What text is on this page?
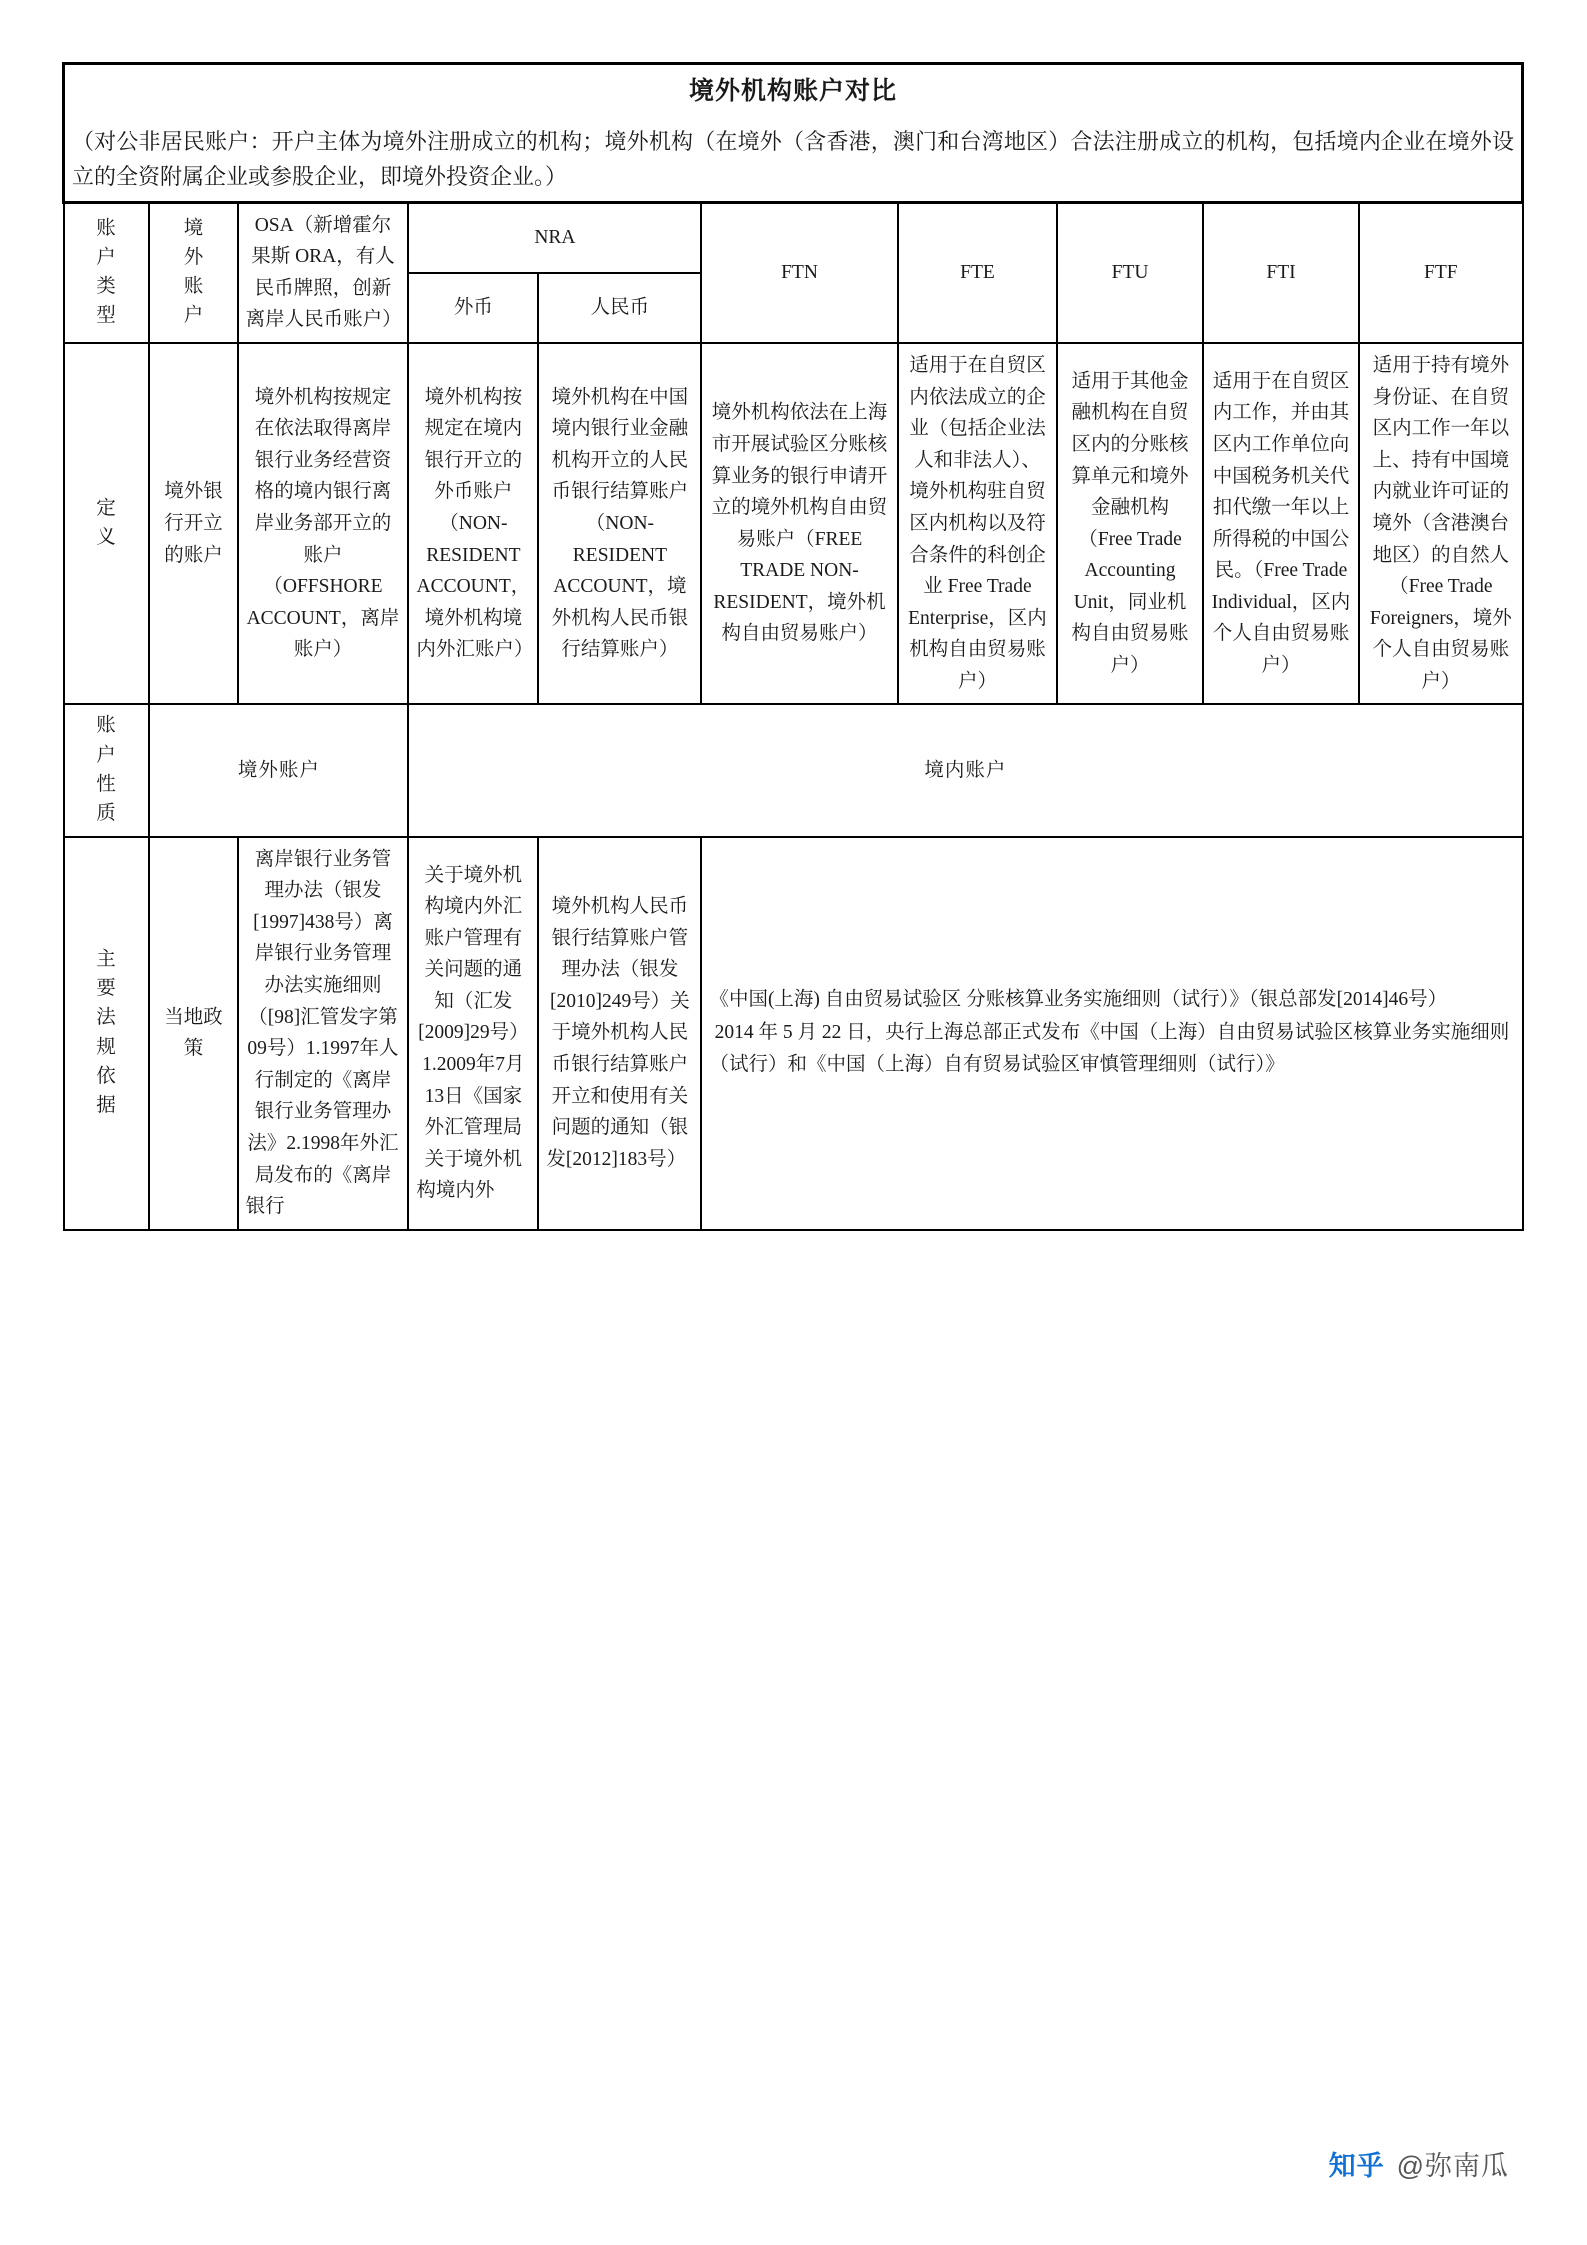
境外机构账户对比
（对公非居民账户：开户主体为境外注册成立的机构；境外机构（在境外（含香港，澳门和台湾地区）合法注册成立的机构，包括境内企业在境外设立的全资附属企业或参股企业，即境外投资企业。）									

账户类型	境外账户	OSA（新增霍尔果斯 ORA，有人民币牌照，创新离岸人民币账户）	NRA		FTN	FTE	FTU	FTI	FTF
			外币	人民币					
定义	境外银行开立的账户	境外机构按规定在依法取得离岸银行业务经营资格的境内银行离岸业务部开立的账户（OFFSHORE ACCOUNT，离岸账户）	境外机构按规定在境内银行开立的外币账户（NON-RESIDENT ACCOUNT，境外机构境内外汇账户）	境外机构在中国境内银行业金融机构开立的人民币银行结算账户（NON-RESIDENT ACCOUNT，境外机构人民币银行结算账户）	境外机构依法在上海市开展试验区分账核算业务的银行申请开立的境外机构自由贸易账户（FREE TRADE NON-RESIDENT，境外机构自由贸易账户）	适用于在自贸区内依法成立的企业（包括企业法人和非法人）、境外机构驻自贸区内机构以及符合条件的科创企业 Free Trade Enterprise，区内机构自由贸易账户）	适用于其他金融机构在自贸区内的分账核算单元和境外金融机构（Free Trade Accounting Unit，同业机构自由贸易账户）	适用于在自贸区内工作，并由其区内工作单位向中国税务机关代扣代缴一年以上所得税的中国公民。（Free Trade Individual，区内个人自由贸易账户）	适用于持有境外身份证、在自贸区内工作一年以上、持有中国境内就业许可证的境外（含港澳台地区）的自然人（Free Trade Foreigners，境外个人自由贸易账户）
账户性质	境外账户		境内账户						
主要法规依据	当地政策	离岸银行业务管理办法（银发[1997]438号）离岸银行业务管理办法实施细则（[98]汇管发字第09号）1.1997年人行制定的《离岸银行业务管理办法》2.1998年外汇局发布的《离岸银行	关于境外机构境内外汇账户管理有关问题的通知（汇发[2009]29号）1.2009年7月13日《国家外汇管理局关于境外机构境内外	境外机构人民币银行结算账户管理办法（银发[2010]249号）关于境外机构人民币银行结算账户开立和使用有关问题的通知（银发[2012]183号）	《中国(上海) 自由贸易试验区 分账核算业务实施细则（试行）》（银总部发[2014]46号）

2014 年 5 月 22 日，央行上海总部正式发布《中国（上海）自由贸易试验区核算业务实施细则（试行）和《中国（上海）自有贸易试验区审慎管理细则（试行）》				

知乎 @弥南瓜
